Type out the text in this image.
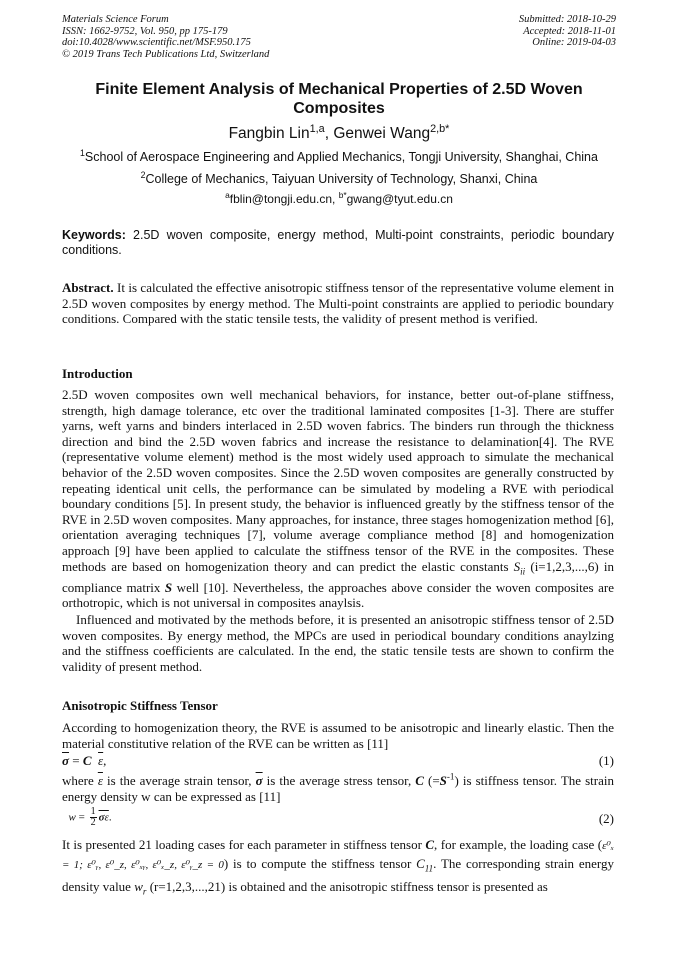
Materials Science Forum
ISSN: 1662-9752, Vol. 950, pp 175-179
doi:10.4028/www.scientific.net/MSF.950.175
© 2019 Trans Tech Publications Ltd, Switzerland
Submitted: 2018-10-29
Accepted: 2018-11-01
Online: 2019-04-03
Finite Element Analysis of Mechanical Properties of 2.5D Woven Composites
Fangbin Lin$^{1,a}$, Genwei Wang$^{2,b*}$
$^1$School of Aerospace Engineering and Applied Mechanics, Tongji University, Shanghai, China
$^2$College of Mechanics, Taiyuan University of Technology, Shanxi, China
$^a$fblin@tongji.edu.cn, $^{b*}$gwang@tyut.edu.cn
Keywords: 2.5D woven composite, energy method, Multi-point constraints, periodic boundary conditions.
Abstract. It is calculated the effective anisotropic stiffness tensor of the representative volume element in 2.5D woven composites by energy method. The Multi-point constraints are applied to periodic boundary conditions. Compared with the static tensile tests, the validity of present method is verified.
Introduction
2.5D woven composites own well mechanical behaviors, for instance, better out-of-plane stiffness, strength, high damage tolerance, etc over the traditional laminated composites [1-3]. There are stuffer yarns, weft yarns and binders interlaced in 2.5D woven fabrics. The binders run through the thickness direction and bind the 2.5D woven fabrics and increase the resistance to delamination[4]. The RVE (representative volume element) method is the most widely used approach to simulate the mechanical behavior of the 2.5D woven composites. Since the 2.5D woven composites are generally constructed by repeating identical unit cells, the performance can be simulated by modeling a RVE with periodical boundary conditions [5]. In present study, the behavior is influenced greatly by the stiffness tensor of the RVE in 2.5D woven composites. Many approaches, for instance, three stages homogenization method [6], orientation averaging techniques [7], volume average compliance method [8] and homogenization approach [9] have been applied to calculate the stiffness tensor of the RVE in the composites. These methods are based on homogenization theory and can predict the elastic constants $S_{ii}$ (i=1,2,3,...,6) in compliance matrix S well [10]. Nevertheless, the approaches above consider the woven composites are orthotropic, which is not universal in composites anaylsis.
Influenced and motivated by the methods before, it is presented an anisotropic stiffness tensor of 2.5D woven composites. By energy method, the MPCs are used in periodical boundary conditions anaylzing and the stiffness coefficients are calculated. In the end, the static tensile tests are shown to confirm the validity of present method.
Anisotropic Stiffness Tensor
According to homogenization theory, the RVE is assumed to be anisotropic and linearly elastic. Then the material constitutive relation of the RVE can be written as [11]
$\overline{\sigma} = C$ $\overline{\varepsilon}$,	(1)
where $\overline{\varepsilon}$ is the average strain tensor, $\overline{\sigma}$ is the average stress tensor, C $(=S^{-1})$ is stiffness tensor. The strain energy density w can be expressed as [11]
$w = \frac{1}{2} \overline{\sigma}\overline{\varepsilon}$.	(2)
It is presented 21 loading cases for each parameter in stiffness tensor C, for example, the loading case (ε⁰ₓ = 1; ε⁰ᵧ, ε⁰_z, ε⁰ₓᵧ, ε⁰ₓ_z, ε⁰ᵧ_z = 0) is to compute the stiffness tensor $C_{11}$. The corresponding strain energy density value $w_r$ (r=1,2,3,...,21) is obtained and the anisotropic stiffness tensor is presented as
